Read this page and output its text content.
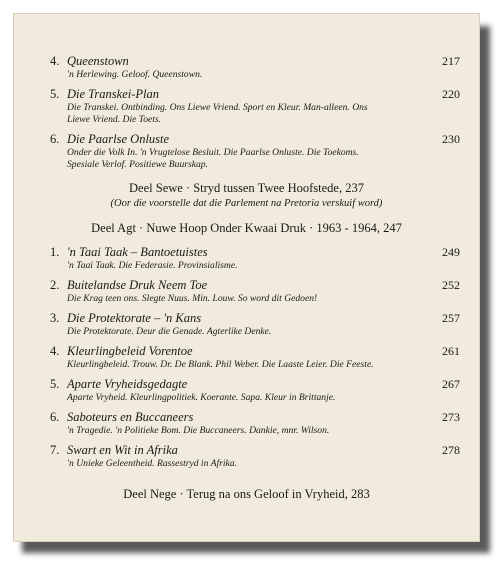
4. Queenstown	217
'n Herlewing. Geloof. Queenstown.
5. Die Transkei-Plan	220
Die Transkei. Ontbinding. Ons Liewe Vriend. Sport en Kleur. Man-alleen. Ons
Liewe Vriend. Die Toets.
6. Die Paarlse Onluste	230
Onder die Volk In. 'n Vrugtelose Besluit. Die Paarlse Onluste. Die Toekoms.
Spesiale Verlof. Positiewe Buurskap.
Deel Sewe · Stryd tussen Twee Hoofstede, 237
(Oor die voorstelle dat die Parlement na Pretoria verskuif word)
Deel Agt · Nuwe Hoop Onder Kwaai Druk · 1963 - 1964, 247
1. 'n Taai Taak – Bantoetuistes	249
'n Taai Taak. Die Federasie. Provinsialisme.
2. Buitelandse Druk Neem Toe	252
Die Krag teen ons. Slegte Nuus. Min. Louw. So word dit Gedoen!
3. Die Protektorate – 'n Kans	257
Die Protektorate. Deur die Genade. Agterlike Denke.
4. Kleurlingbeleid Vorentoe	261
Kleurlingbeleid. Trouw. Dr. De Blank. Phil Weber. Die Laaste Leier. Die Feeste.
5. Aparte Vryheidsgedagte	267
Aparte Vryheid. Kleurlingpolitiek. Koerante. Sapa. Kleur in Brittanje.
6. Saboteurs en Buccaneers	273
'n Tragedie. 'n Politieke Bom. Die Buccaneers. Dankie, mnr. Wilson.
7. Swart en Wit in Afrika	278
'n Unieke Geleentheid. Rassestryd in Afrika.
Deel Nege · Terug na ons Geloof in Vryheid, 283
